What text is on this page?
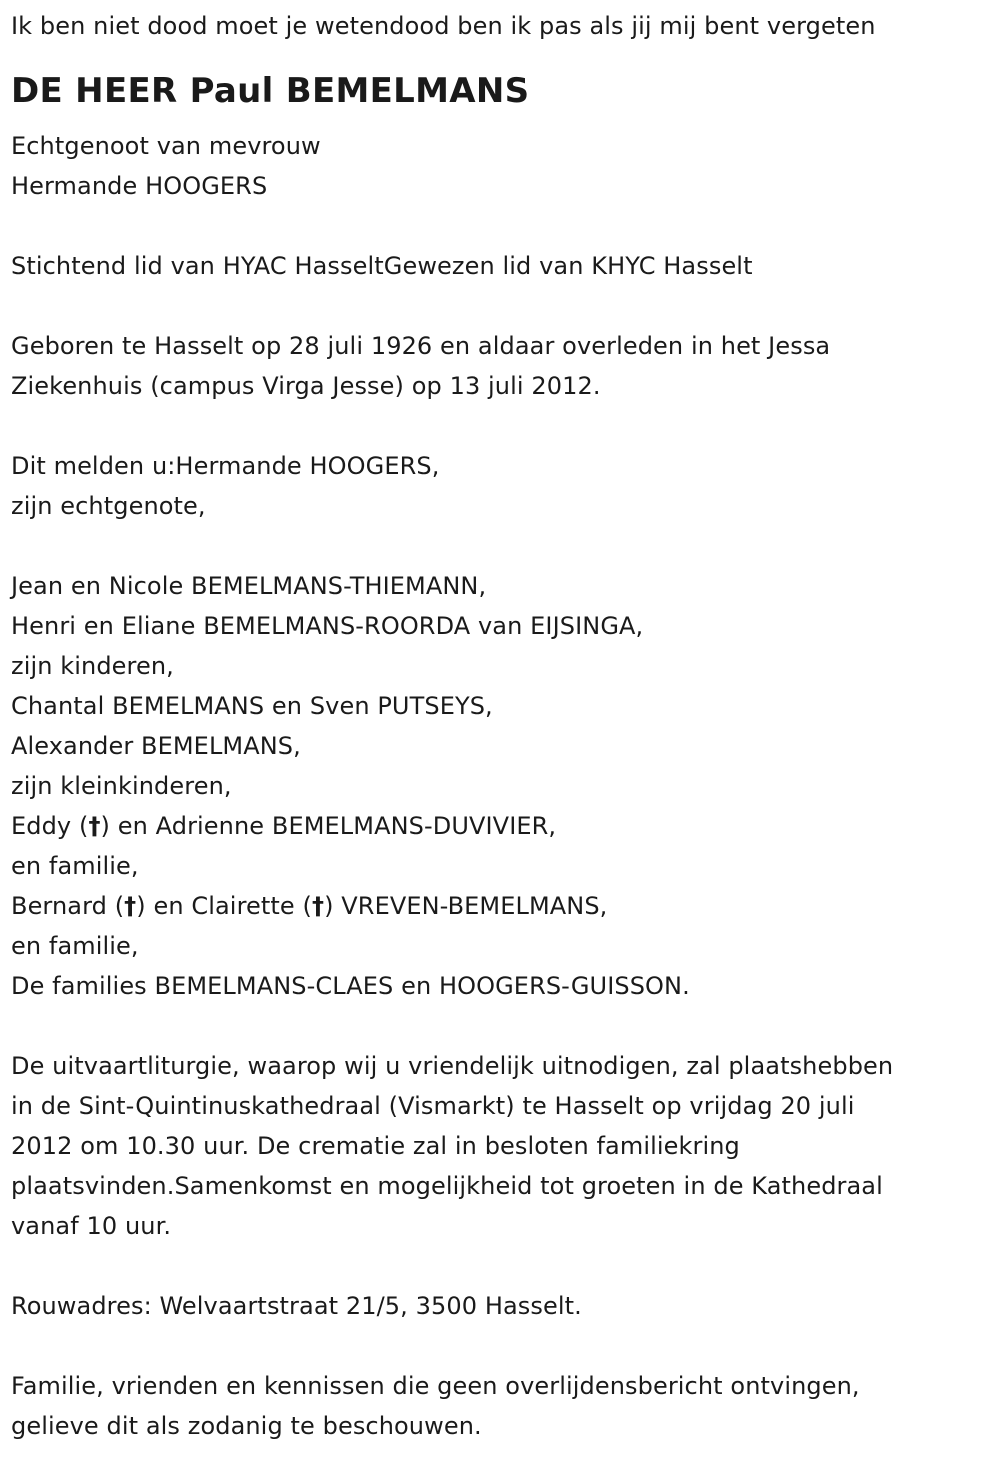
Ik ben niet dood moet je wetendood ben ik pas als jij mij bent vergeten
DE HEER Paul BEMELMANS
Echtgenoot van mevrouw
Hermande HOOGERS
Stichtend lid van HYAC HasseltGewezen lid van KHYC Hasselt
Geboren te Hasselt op 28 juli 1926 en aldaar overleden in het Jessa
Ziekenhuis (campus Virga Jesse) op 13 juli 2012.
Dit melden u:Hermande HOOGERS,
zijn echtgenote,
Jean en Nicole BEMELMANS-THIEMANN,
Henri en Eliane BEMELMANS-ROORDA van EIJSINGA,
zijn kinderen,
Chantal BEMELMANS en Sven PUTSEYS,
Alexander BEMELMANS,
zijn kleinkinderen,
Eddy (†) en Adrienne BEMELMANS-DUVIVIER,
en familie,
Bernard (†) en Clairette (†) VREVEN-BEMELMANS,
en familie,
De families BEMELMANS-CLAES en HOOGERS-GUISSON.
De uitvaartliturgie, waarop wij u vriendelijk uitnodigen, zal plaatshebben
in de Sint-Quintinuskathedraal (Vismarkt) te Hasselt op vrijdag 20 juli
2012 om 10.30 uur. De crematie zal in besloten familiekring
plaatsvinden.Samenkomst en mogelijkheid tot groeten in de Kathedraal
vanaf 10 uur.
Rouwadres: Welvaartstraat 21/5, 3500 Hasselt.
Familie, vrienden en kennissen die geen overlijdensbericht ontvingen,
gelieve dit als zodanig te beschouwen.
